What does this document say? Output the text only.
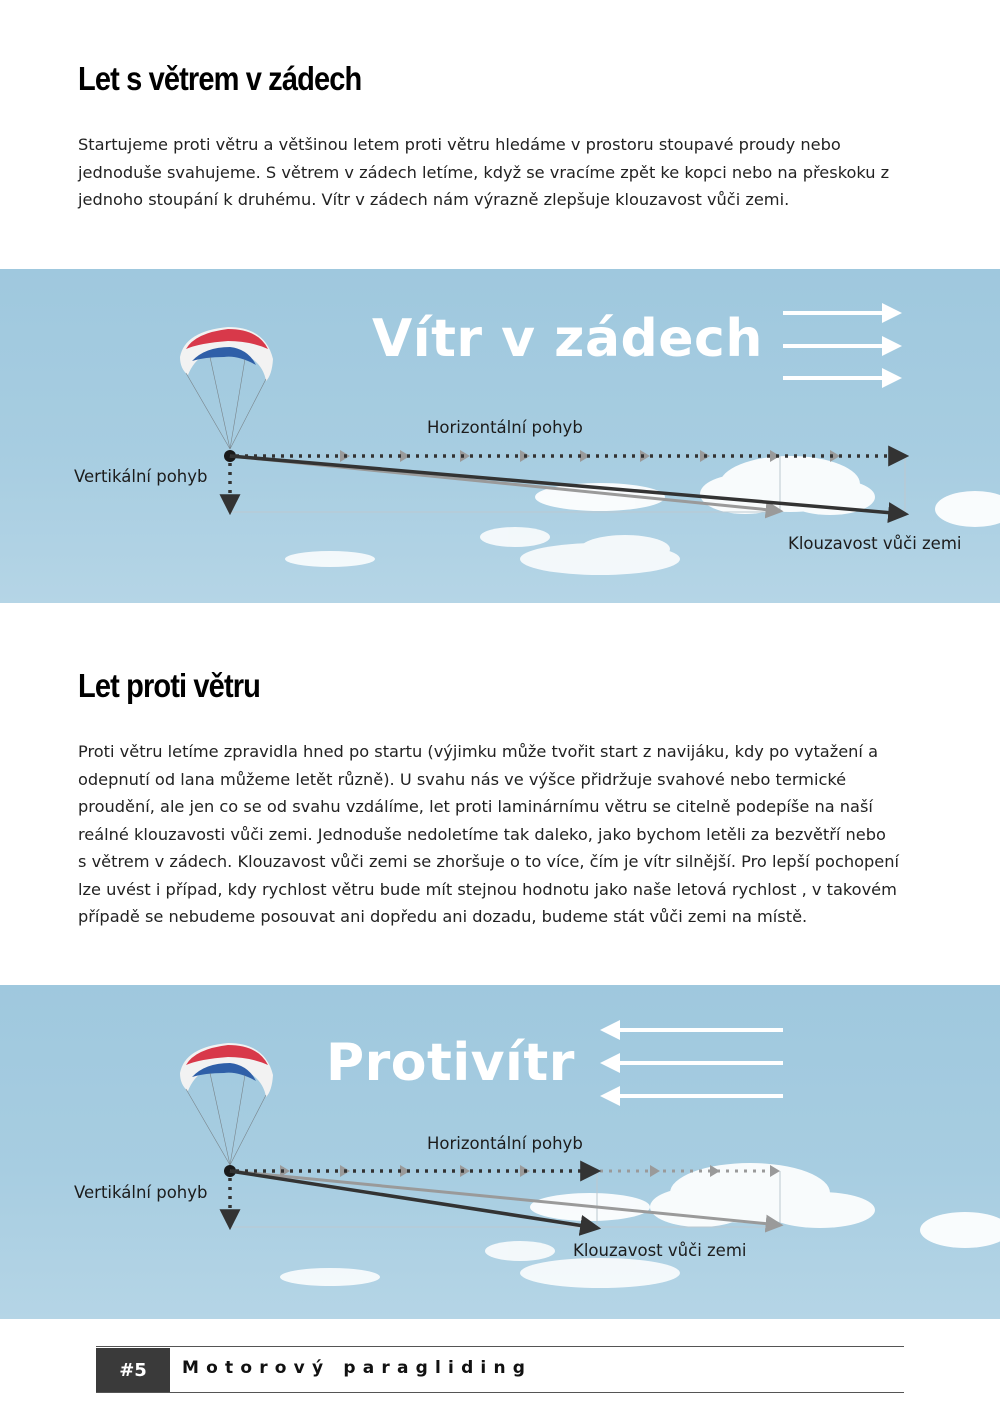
Let s větrem v zádech

Startujeme proti větru a většinou letem proti větru hledáme v prostoru stoupavé proudy nebo

jednoduše svahujeme. S větrem v zádech letíme, když se vracíme zpět ke kopci nebo na přeskoku z

jednoho stoupání k druhému. Vítr v zádech nám výrazně zlepšuje klouzavost vůči zemi.

Vítr v zádech
Horizontální pohyb
Vertikální pohyb
Klouzavost vůči zemi
Let proti větru

Proti větru letíme zpravidla hned po startu (výjimku může tvořit start z navijáku, kdy po vytažení a

odepnutí od lana můžeme letět různě). U svahu nás ve výšce přidržuje svahové nebo termické

proudění, ale jen co se od svahu vzdálíme, let proti laminárnímu větru se citelně podepíše na naší

reálné klouzavosti vůči zemi. Jednoduše nedoletíme tak daleko, jako bychom letěli za bezvětří nebo

s větrem v zádech. Klouzavost vůči zemi se zhoršuje o to více, čím je vítr silnější. Pro lepší pochopení

lze uvést i případ, kdy rychlost větru bude mít stejnou hodnotu jako naše letová rychlost , v takovém

případě se nebudeme posouvat ani dopředu ani dozadu, budeme stát vůči zemi na místě.

Protivítr
Horizontální pohyb
Vertikální pohyb
Klouzavost vůči zemi
#5	Motorový paragliding
